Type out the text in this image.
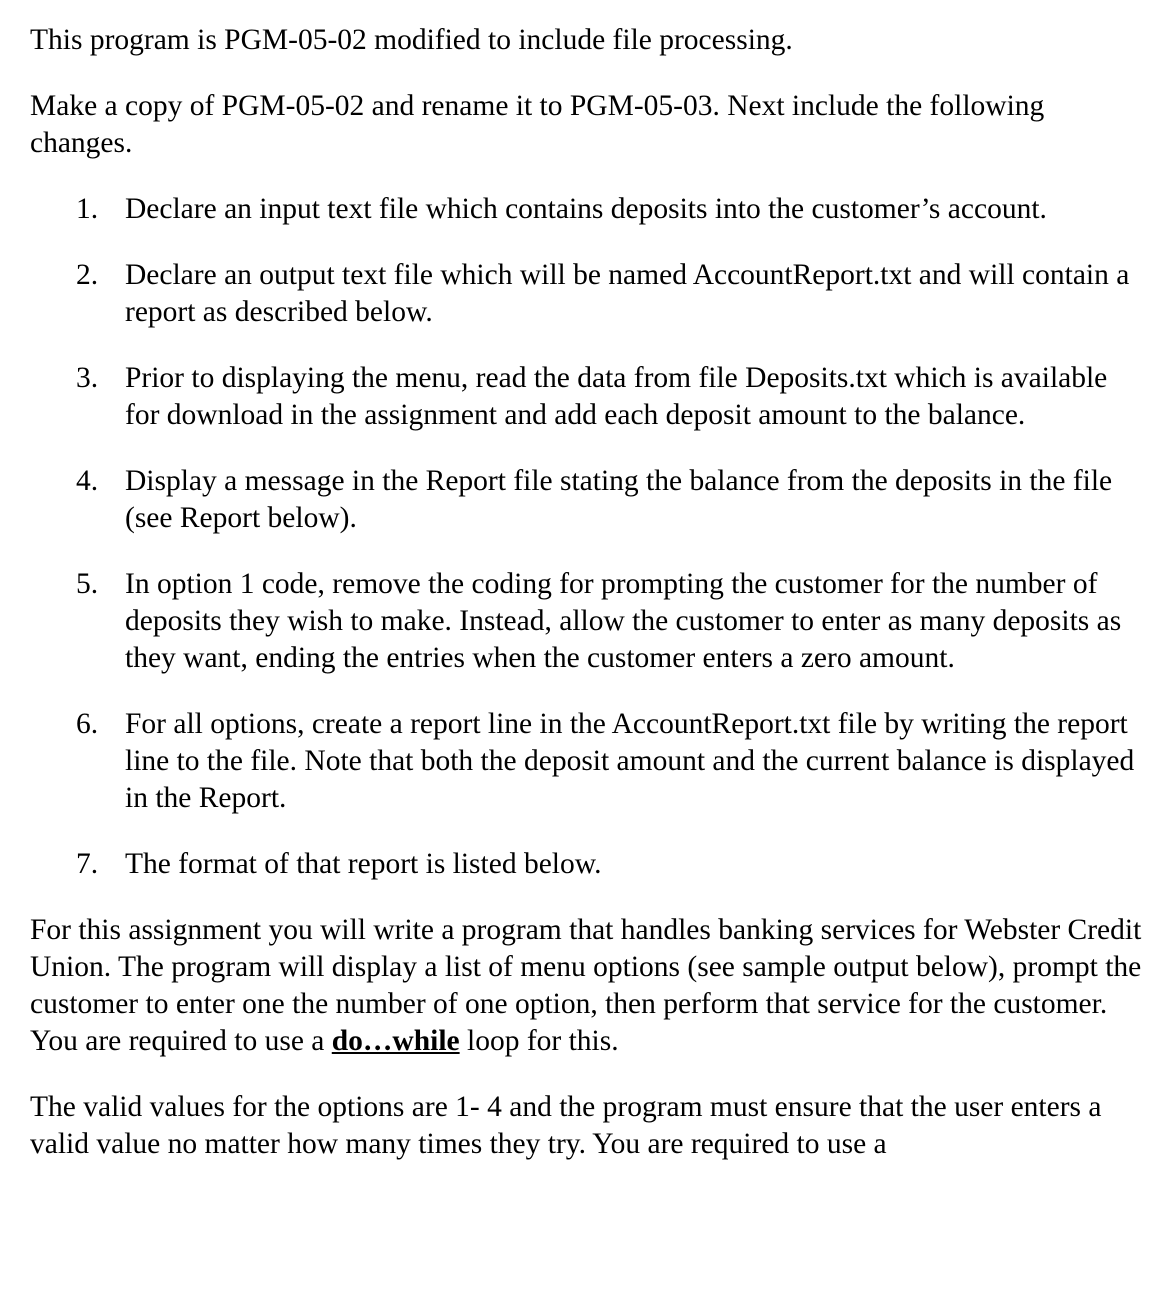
This program is PGM-05-02 modified to include file processing.

Make a copy of PGM-05-02 and rename it to PGM-05-03. Next include the following changes.

1. Declare an input text file which contains deposits into the customer’s account.
2. Declare an output text file which will be named AccountReport.txt and will contain a report as described below.
3. Prior to displaying the menu, read the data from file Deposits.txt which is available for download in the assignment and add each deposit amount to the balance.
4. Display a message in the Report file stating the balance from the deposits in the file (see Report below).
5. In option 1 code, remove the coding for prompting the customer for the number of deposits they wish to make. Instead, allow the customer to enter as many deposits as they want, ending the entries when the customer enters a zero amount.
6. For all options, create a report line in the AccountReport.txt file by writing the report line to the file. Note that both the deposit amount and the current balance is displayed in the Report.
7. The format of that report is listed below.

For this assignment you will write a program that handles banking services for Webster Credit Union. The program will display a list of menu options (see sample output below), prompt the customer to enter one the number of one option, then perform that service for the customer. You are required to use a do…while loop for this.

The valid values for the options are 1- 4 and the program must ensure that the user enters a valid value no matter how many times they try. You are required to use a
